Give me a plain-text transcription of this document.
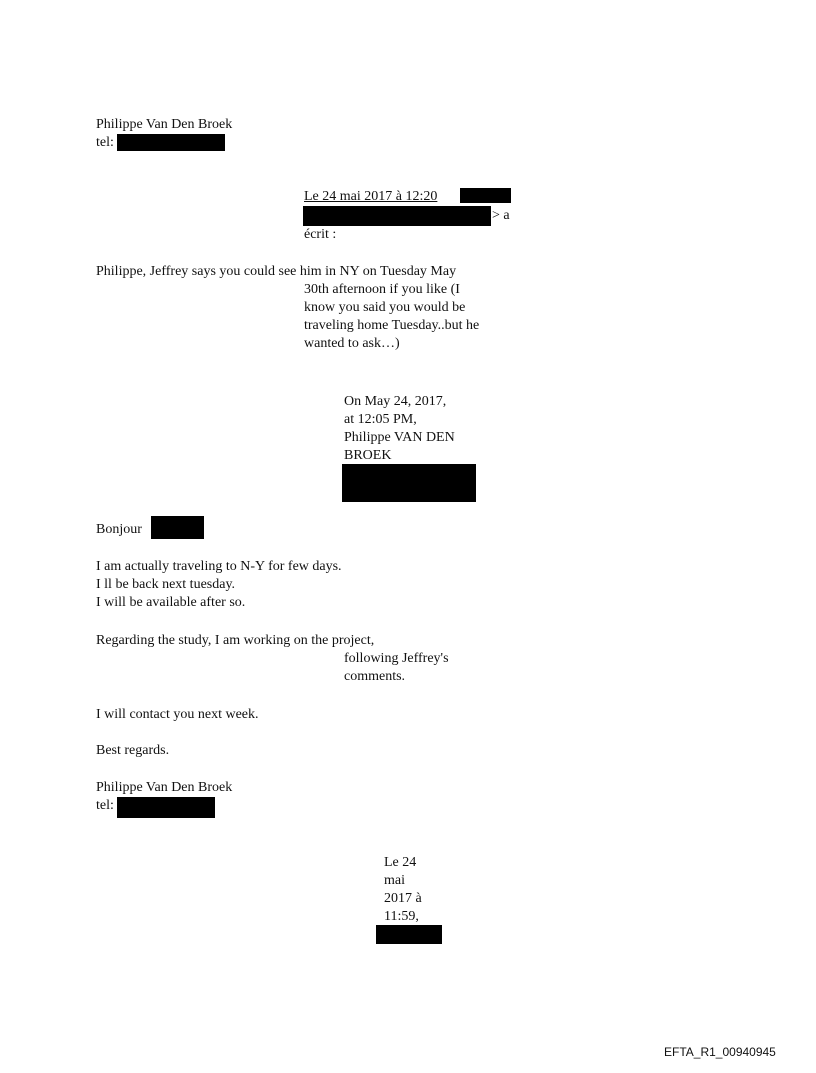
Philippe Van Den Broek

tel:

Le 24 mai 2017 à 12:20

> a

écrit :

Philippe, Jeffrey says you could see him in NY on Tuesday May

30th afternoon if you like (I

know you said you would be

traveling home Tuesday..but he

wanted to ask…)

On May 24, 2017,

at 12:05 PM,

Philippe VAN DEN

BROEK

Bonjour

I am actually traveling to N-Y for few days.

I ll be back next tuesday.

I will be available after so.

Regarding the study, I am working on the project,

following Jeffrey's

comments.

I will contact you next week.

Best regards.

Philippe Van Den Broek

tel:

Le 24

mai

2017 à

11:59,

EFTA_R1_00940945
